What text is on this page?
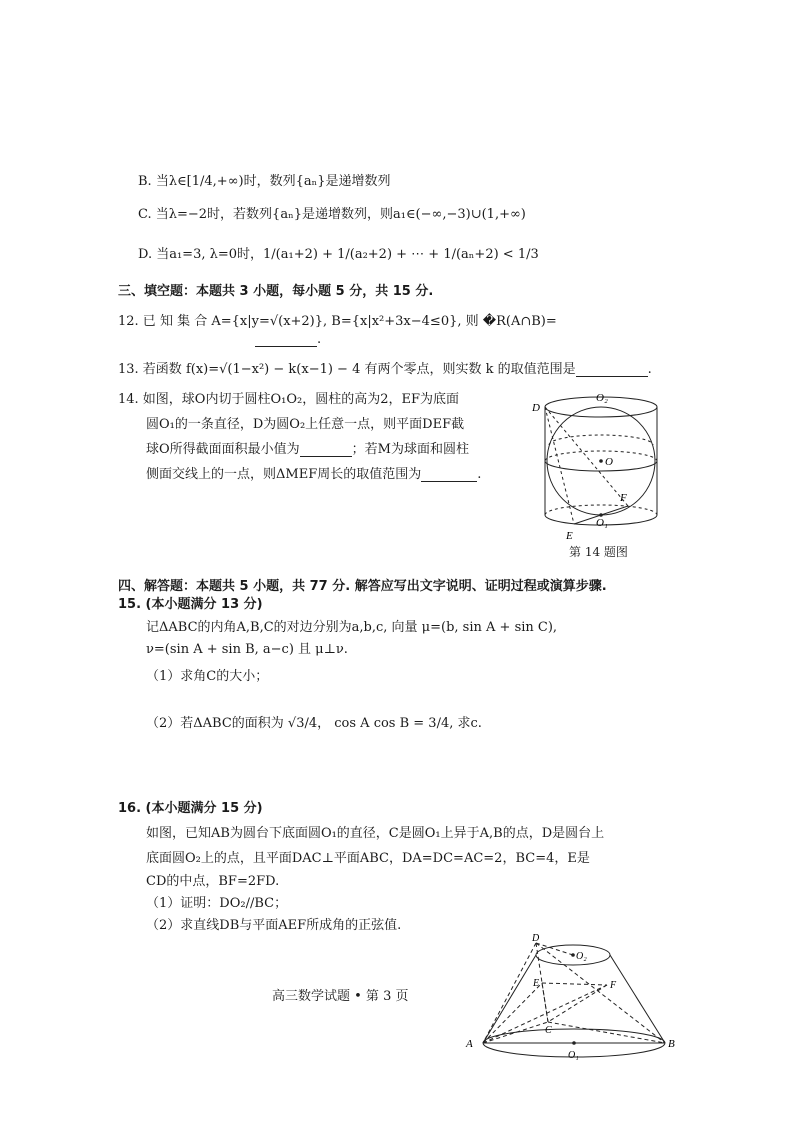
B. 当λ∈[1/4,+∞)时，数列{aₙ}是递增数列
C. 当λ=−2时，若数列{aₙ}是递增数列，则a₁∈(−∞,−3)∪(1,+∞)
D. 当a₁=3, λ=0时，1/(a₁+2) + 1/(a₂+2) + ⋯ + 1/(aₙ+2) < 1/3
三、填空题：本题共 3 小题，每小题 5 分，共 15 分.
12. 已 知 集 合 A={x|y=√(x+2)}, B={x|x²+3x−4≤0}, 则 �R(A∩B)=
.
13. 若函数 f(x)=√(1−x²) − k(x−1) − 4 有两个零点，则实数 k 的取值范围是	.
14. 如图，球O内切于圆柱O₁O₂，圆柱的高为2，EF为底面
圆O₁的一条直径，D为圆O₂上任意一点，则平面DEF截
球O所得截面面积最小值为	；若M为球面和圆柱
侧面交线上的一点，则ΔMEF周长的取值范围为	.
D
O₂
O
F
O₁
E
第 14 题图
四、解答题：本题共 5 小题，共 77 分. 解答应写出文字说明、证明过程或演算步骤.
15. (本小题满分 13 分)
记ΔABC的内角A,B,C的对边分别为a,b,c, 向量 μ=(b, sin A + sin C),
ν=(sin A + sin B, a−c) 且 μ⊥ν.
（1）求角C的大小；
（2）若ΔABC的面积为 √3/4， cos A cos B = 3/4, 求c.
16. (本小题满分 15 分)
如图，已知AB为圆台下底面圆O₁的直径，C是圆O₁上异于A,B的点，D是圆台上
底面圆O₂上的点，且平面DAC⊥平面ABC，DA=DC=AC=2，BC=4，E是
CD的中点，BF=2FD.
（1）证明：DO₂//BC；
（2）求直线DB与平面AEF所成角的正弦值.
D
O₂
E	F
C
A
O₁
B
高三数学试题 • 第 3 页
